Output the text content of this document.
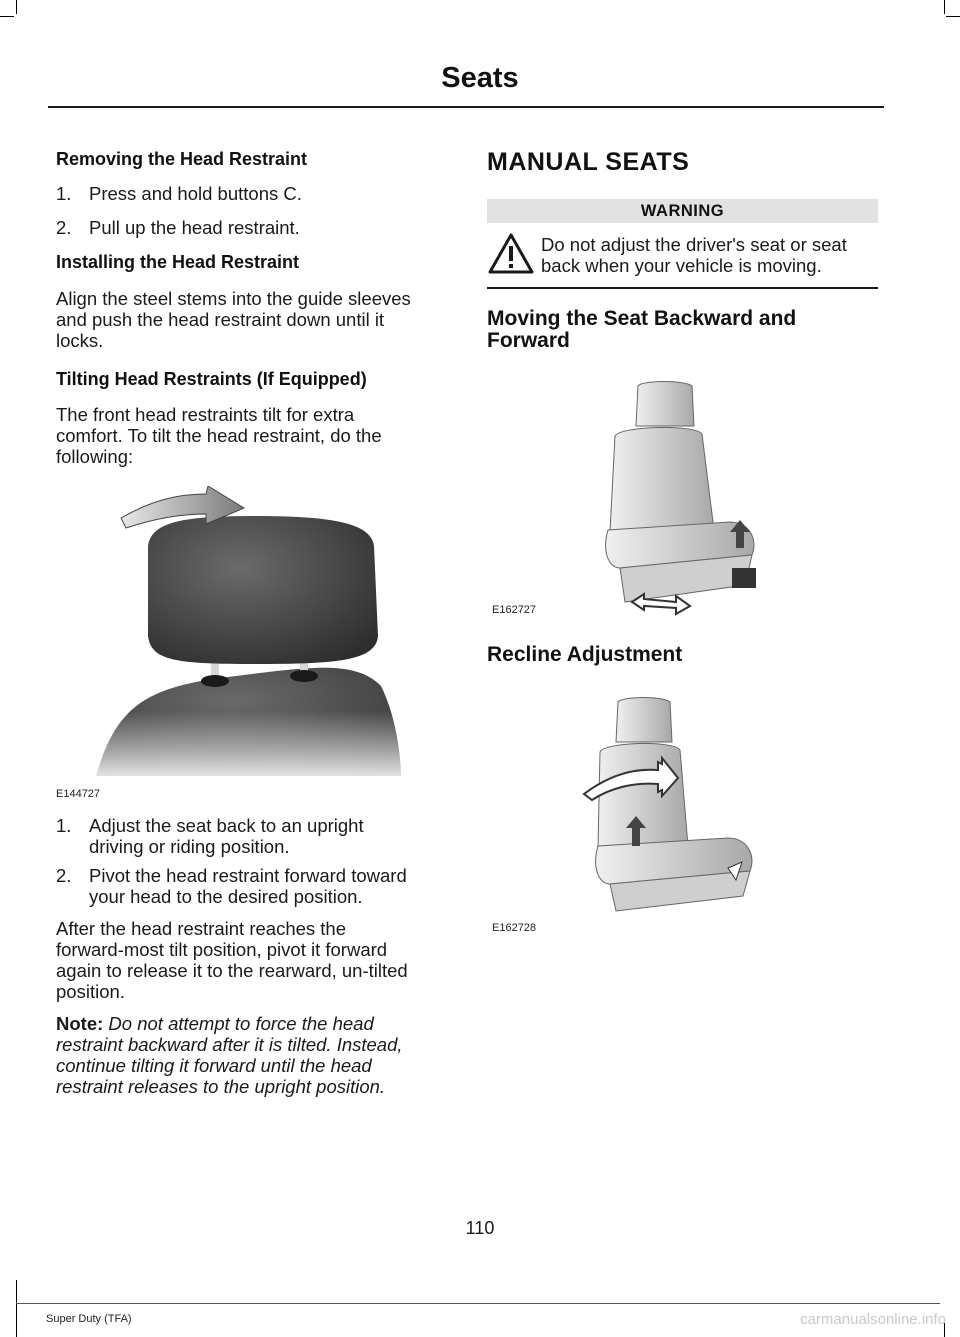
Seats
Removing the Head Restraint
1. Press and hold buttons C.
2. Pull up the head restraint.
Installing the Head Restraint
Align the steel stems into the guide sleeves
and push the head restraint down until it
locks.
Tilting Head Restraints (If Equipped)
The front head restraints tilt for extra
comfort. To tilt the head restraint, do the
following:
E144727
1. Adjust the seat back to an upright
driving or riding position.
2. Pivot the head restraint forward toward
your head to the desired position.
After the head restraint reaches the
forward-most tilt position, pivot it forward
again to release it to the rearward, un-tilted
position.
Note: Do not attempt to force the head
restraint backward after it is tilted. Instead,
continue tilting it forward until the head
restraint releases to the upright position.
MANUAL SEATS
WARNING
Do not adjust the driver's seat or seat
back when your vehicle is moving.
Moving the Seat Backward and
Forward
E162727
Recline Adjustment
E162728
110
Super Duty (TFA)	carmanualsonline.info
